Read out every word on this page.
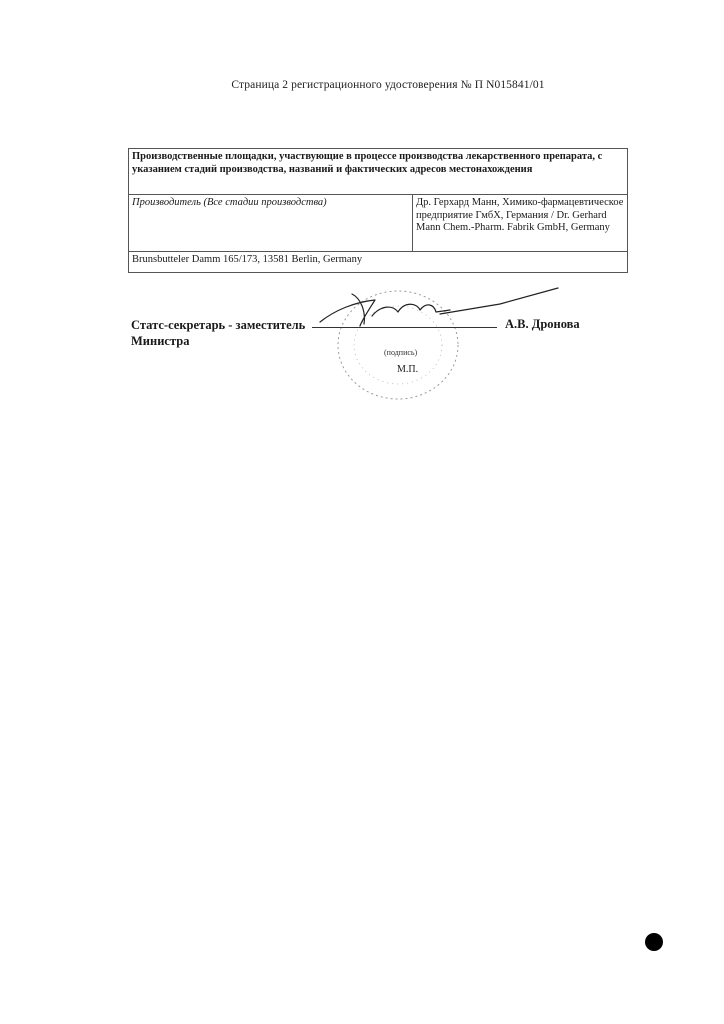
Страница 2 регистрационного удостоверения № П N015841/01
Производственные площадки, участвующие в процессе производства лекарственного препарата, с указанием стадий производства, названий и фактических адресов местонахождения
Производитель (Все стадии производства)	Др. Герхард Манн, Химико-фармацевтическое предприятие ГмбХ, Германия / Dr. Gerhard Mann Chem.-Pharm. Fabrik GmbH, Germany
Brunsbutteler Damm 165/173, 13581 Berlin, Germany
Статс-секретарь - заместитель Министра
А.В. Дронова
(подпись)
М.П.
